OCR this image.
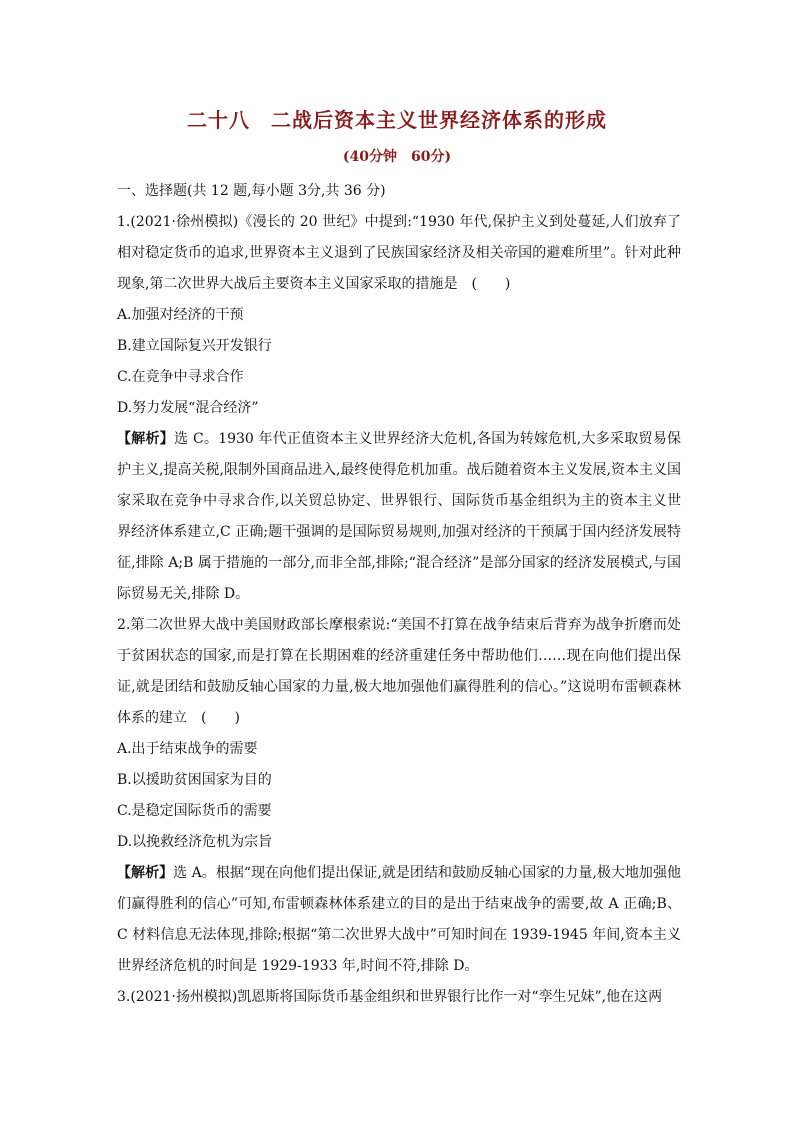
二十八　二战后资本主义世界经济体系的形成
(40分钟　60分)

一、选择题(共 12 题,每小题 3分,共 36 分)

1.(2021·徐州模拟)《漫长的 20 世纪》中提到:“1930 年代,保护主义到处蔓延,人们放弃了相对稳定货币的追求,世界资本主义退到了民族国家经济及相关帝国的避难所里”。针对此种现象,第二次世界大战后主要资本主义国家采取的措施是　(　　)

A.加强对经济的干预

B.建立国际复兴开发银行

C.在竞争中寻求合作

D.努力发展“混合经济”

【解析】选 C。1930 年代正值资本主义世界经济大危机,各国为转嫁危机,大多采取贸易保护主义,提高关税,限制外国商品进入,最终使得危机加重。战后随着资本主义发展,资本主义国家采取在竞争中寻求合作,以关贸总协定、世界银行、国际货币基金组织为主的资本主义世界经济体系建立,C 正确;题干强调的是国际贸易规则,加强对经济的干预属于国内经济发展特征,排除 A;B 属于措施的一部分,而非全部,排除;“混合经济”是部分国家的经济发展模式,与国际贸易无关,排除 D。

2.第二次世界大战中美国财政部长摩根索说:“美国不打算在战争结束后背弃为战争折磨而处于贫困状态的国家,而是打算在长期困难的经济重建任务中帮助他们……现在向他们提出保证,就是团结和鼓励反轴心国家的力量,极大地加强他们赢得胜利的信心。”这说明布雷顿森林体系的建立　(　　)

A.出于结束战争的需要

B.以援助贫困国家为目的

C.是稳定国际货币的需要

D.以挽救经济危机为宗旨

【解析】选 A。根据“现在向他们提出保证,就是团结和鼓励反轴心国家的力量,极大地加强他们赢得胜利的信心”可知,布雷顿森林体系建立的目的是出于结束战争的需要,故 A 正确;B、C 材料信息无法体现,排除;根据“第二次世界大战中”可知时间在 1939-1945 年间,资本主义世界经济危机的时间是 1929-1933 年,时间不符,排除 D。

3.(2021·扬州模拟)凯恩斯将国际货币基金组织和世界银行比作一对“孪生兄妹”,他在这两
